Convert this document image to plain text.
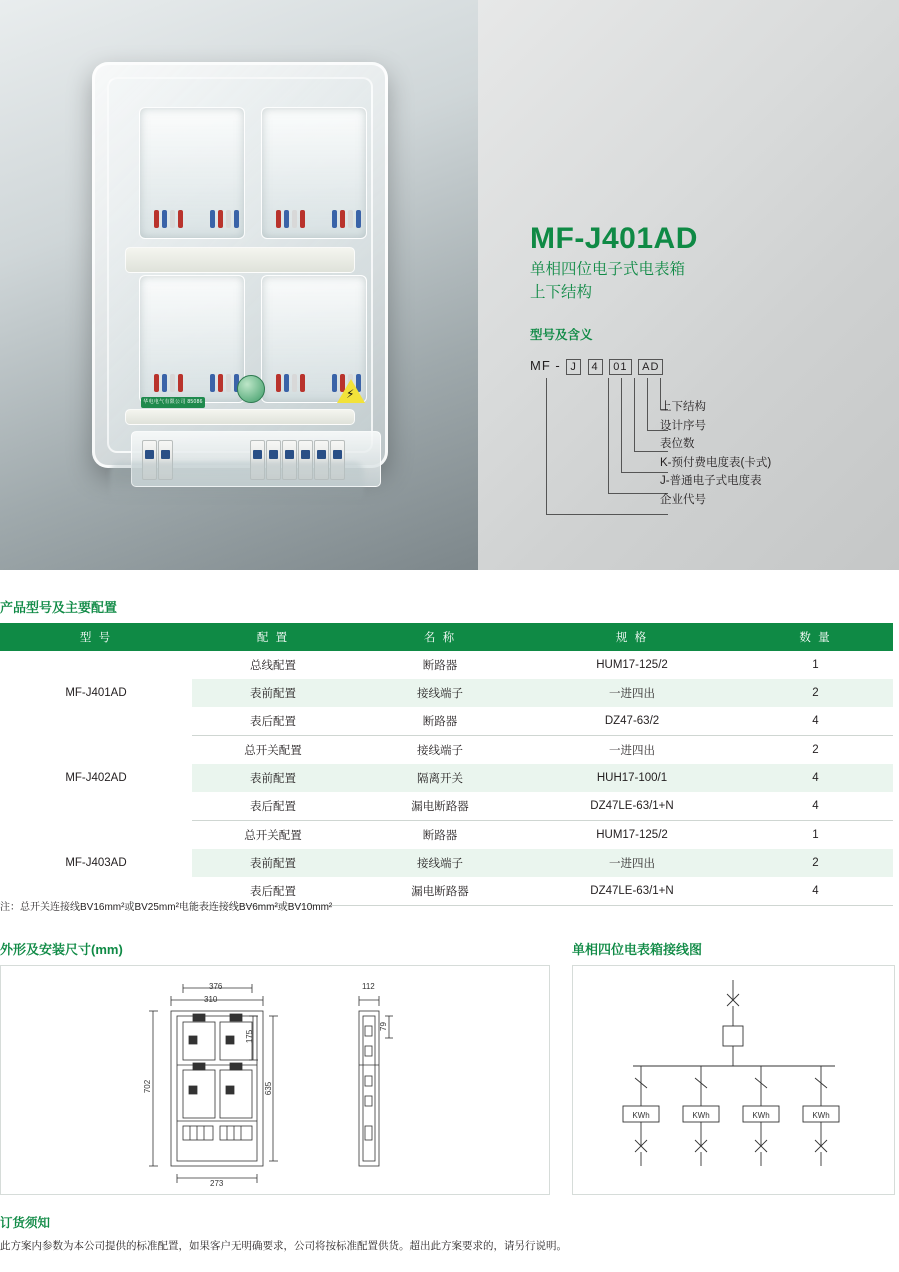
华电电气有限公司 85086
⚡
MF-J401AD
单相四位电子式电表箱
上下结构
型号及含义
MF - J 4 01 AD
上下结构
设计序号
表位数
K-预付费电度表(卡式)
J-普通电子式电度表
企业代号
产品型号及主要配置
型 号	配 置	名 称	规 格	数 量
MF-J401AD	总线配置	断路器	HUM17-125/2	1
	表前配置	接线端子	一进四出	2
	表后配置	断路器	DZ47-63/2	4
MF-J402AD	总开关配置	接线端子	一进四出	2
	表前配置	隔离开关	HUH17-100/1	4
	表后配置	漏电断路器	DZ47LE-63/1+N	4
MF-J403AD	总开关配置	断路器	HUM17-125/2	1
	表前配置	接线端子	一进四出	2
	表后配置	漏电断路器	DZ47LE-63/1+N	4
注：总开关连接线BV16mm²或BV25mm²电能表连接线BV6mm²或BV10mm²
外形及安装尺寸(mm)	单相四位电表箱接线图
376
310
702	635
175
112
79
273
KWh	KWh	KWh	KWh
订货须知
此方案内参数为本公司提供的标准配置，如果客户无明确要求，公司将按标准配置供货。超出此方案要求的，请另行说明。
